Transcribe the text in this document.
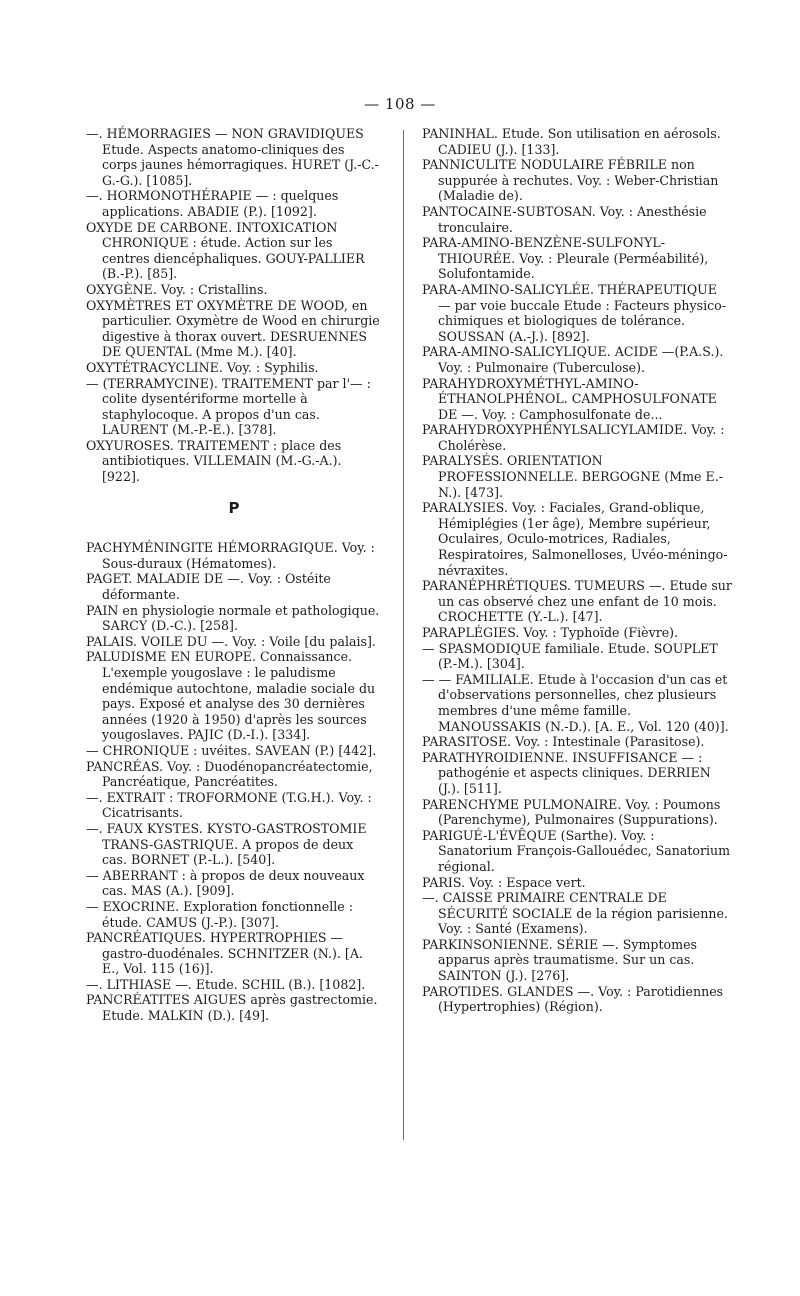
— 108 —

—. HÉMORRAGIES — NON GRAVIDIQUES Etude. Aspects anatomo-cliniques des corps jaunes hémorragiques. HURET (J.-C.-G.-G.). [1085].

—. HORMONOTHÉRAPIE — : quelques applications. ABADIE (P.). [1092].

OXYDE DE CARBONE. INTOXICATION CHRONIQUE : étude. Action sur les centres diencéphaliques. GOUY-PALLIER (B.-P.). [85].

OXYGÈNE. Voy. : Cristallins.

OXYMÈTRES ET OXYMÈTRE DE WOOD, en particulier. Oxymètre de Wood en chirurgie digestive à thorax ouvert. DESRUENNES DE QUENTAL (Mme M.). [40].

OXYTÉTRACYCLINE. Voy. : Syphilis.

— (TERRAMYCINE). TRAITEMENT par l'— : colite dysentériforme mortelle à staphylocoque. A propos d'un cas. LAURENT (M.-P.-E.). [378].

OXYUROSES. TRAITEMENT : place des antibiotiques. VILLEMAIN (M.-G.-A.). [922].

P

PACHYMÉNINGITE HÉMORRAGIQUE. Voy. : Sous-duraux (Hématomes).

PAGET. MALADIE DE —. Voy. : Ostéite déformante.

PAIN en physiologie normale et pathologique. SARCY (D.-C.). [258].

PALAIS. VOILE DU —. Voy. : Voile [du palais].

PALUDISME EN EUROPE. Connaissance. L'exemple yougoslave : le paludisme endémique autochtone, maladie sociale du pays. Exposé et analyse des 30 dernières années (1920 à 1950) d'après les sources yougoslaves. PAJIC (D.-I.). [334].

— CHRONIQUE : uvéites. SAVEAN (P.) [442].

PANCRÉAS. Voy. : Duodénopancréatectomie, Pancréatique, Pancréatites.

—. EXTRAIT : TROFORMONE (T.G.H.). Voy. : Cicatrisants.

—. FAUX KYSTES. KYSTO-GASTROSTOMIE TRANS-GASTRIQUE. A propos de deux cas. BORNET (P.-L.). [540].

— ABERRANT : à propos de deux nouveaux cas. MAS (A.). [909].

— EXOCRINE. Exploration fonctionnelle : étude. CAMUS (J.-P.). [307].

PANCRÉATIQUES. HYPERTROPHIES — gastro-duodénales. SCHNITZER (N.). [A. E., Vol. 115 (16)].

—. LITHIASE —. Etude. SCHIL (B.). [1082].

PANCRÉATITES AIGUES après gastrectomie. Etude. MALKIN (D.). [49].

PANINHAL. Etude. Son utilisation en aérosols. CADIEU (J.). [133].

PANNICULITE NODULAIRE FÉBRILE non suppurée à rechutes. Voy. : Weber-Christian (Maladie de).

PANTOCAINE-SUBTOSAN. Voy. : Anesthésie tronculaire.

PARA-AMINO-BENZÈNE-SULFONYL-THIOURÉE. Voy. : Pleurale (Perméabilité), Solufontamide.

PARA-AMINO-SALICYLÉE. THÉRAPEUTIQUE — par voie buccale Etude : Facteurs physico-chimiques et biologiques de tolérance. SOUSSAN (A.-J.). [892].

PARA-AMINO-SALICYLIQUE. ACIDE —(P.A.S.). Voy. : Pulmonaire (Tuberculose).

PARAHYDROXYMÉTHYL-AMINO-ÉTHANOLPHÉNOL. CAMPHOSULFONATE DE —. Voy. : Camphosulfonate de...

PARAHYDROXYPHÉNYLSALICYLAMIDE. Voy. : Cholérèse.

PARALYSÉS. ORIENTATION PROFESSIONNELLE. BERGOGNE (Mme E.-N.). [473].

PARALYSIES. Voy. : Faciales, Grand-oblique, Hémiplégies (1er âge), Membre supérieur, Oculaires, Oculo-motrices, Radiales, Respiratoires, Salmonelloses, Uvéo-méningo-névraxites.

PARANÉPHRÉTIQUES. TUMEURS —. Etude sur un cas observé chez une enfant de 10 mois. CROCHETTE (Y.-L.). [47].

PARAPLÉGIES. Voy. : Typhoïde (Fièvre).

— SPASMODIQUE familiale. Etude. SOUPLET (P.-M.). [304].

— — FAMILIALE. Etude à l'occasion d'un cas et d'observations personnelles, chez plusieurs membres d'une même famille. MANOUSSAKIS (N.-D.). [A. E., Vol. 120 (40)].

PARASITOSE. Voy. : Intestinale (Parasitose).

PARATHYROIDIENNE. INSUFFISANCE — : pathogénie et aspects cliniques. DERRIEN (J.). [511].

PARENCHYME PULMONAIRE. Voy. : Poumons (Parenchyme), Pulmonaires (Suppurations).

PARIGUÉ-L'ÉVÊQUE (Sarthe). Voy. : Sanatorium François-Gallouédec, Sanatorium régional.

PARIS. Voy. : Espace vert.

—. CAISSE PRIMAIRE CENTRALE DE SÉCURITÉ SOCIALE de la région parisienne. Voy. : Santé (Examens).

PARKINSONIENNE. SÉRIE —. Symptomes apparus après traumatisme. Sur un cas. SAINTON (J.). [276].

PAROTIDES. GLANDES —. Voy. : Parotidiennes (Hypertrophies) (Région).
